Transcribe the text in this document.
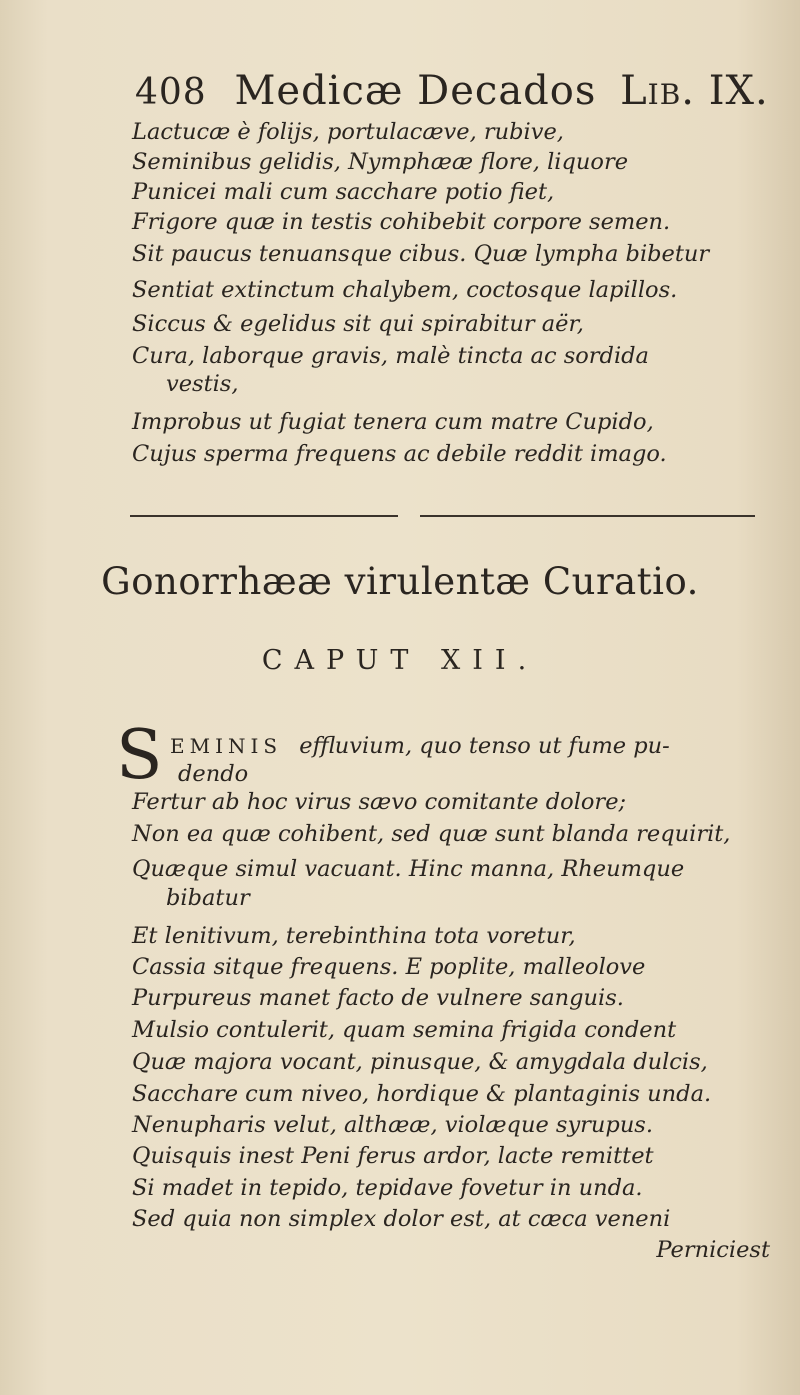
408 Medicæ Decados Lib. IX.
Lactucæ è folijs, portulacæve, rubive,
Seminibus gelidis, Nymphææ flore, liquore
Punicei mali cum sacchare potio fiet,
Frigore quæ in testis cohibebit corpore semen.
Sit paucus tenuansque cibus. Quæ lympha bibetur
Sentiat extinctum chalybem, coctosque lapillos.
Siccus & egelidus sit qui spirabitur aër,
Cura, laborque gravis, malè tincta ac sordida
vestis,
Improbus ut fugiat tenera cum matre Cupido,
Cujus sperma frequens ac debile reddit imago.
Gonorrhææ virulentæ Curatio.
CAPUT XII.
S EMINIS effluvium, quo tenso ut fume pu-
dendo
Fertur ab hoc virus sævo comitante dolore;
Non ea quæ cohibent, sed quæ sunt blanda requirit,
Quæque simul vacuant. Hinc manna, Rheumque
bibatur
Et lenitivum, terebinthina tota voretur,
Cassia sitque frequens. E poplite, malleolove
Purpureus manet facto de vulnere sanguis.
Mulsio contulerit, quam semina frigida condent
Quæ majora vocant, pinusque, & amygdala dulcis,
Sacchare cum niveo, hordique & plantaginis unda.
Nenupharis velut, althææ, violæque syrupus.
Quisquis inest Peni ferus ardor, lacte remittet
Si madet in tepido, tepidave fovetur in unda.
Sed quia non simplex dolor est, at cæca veneni
Perniciest
